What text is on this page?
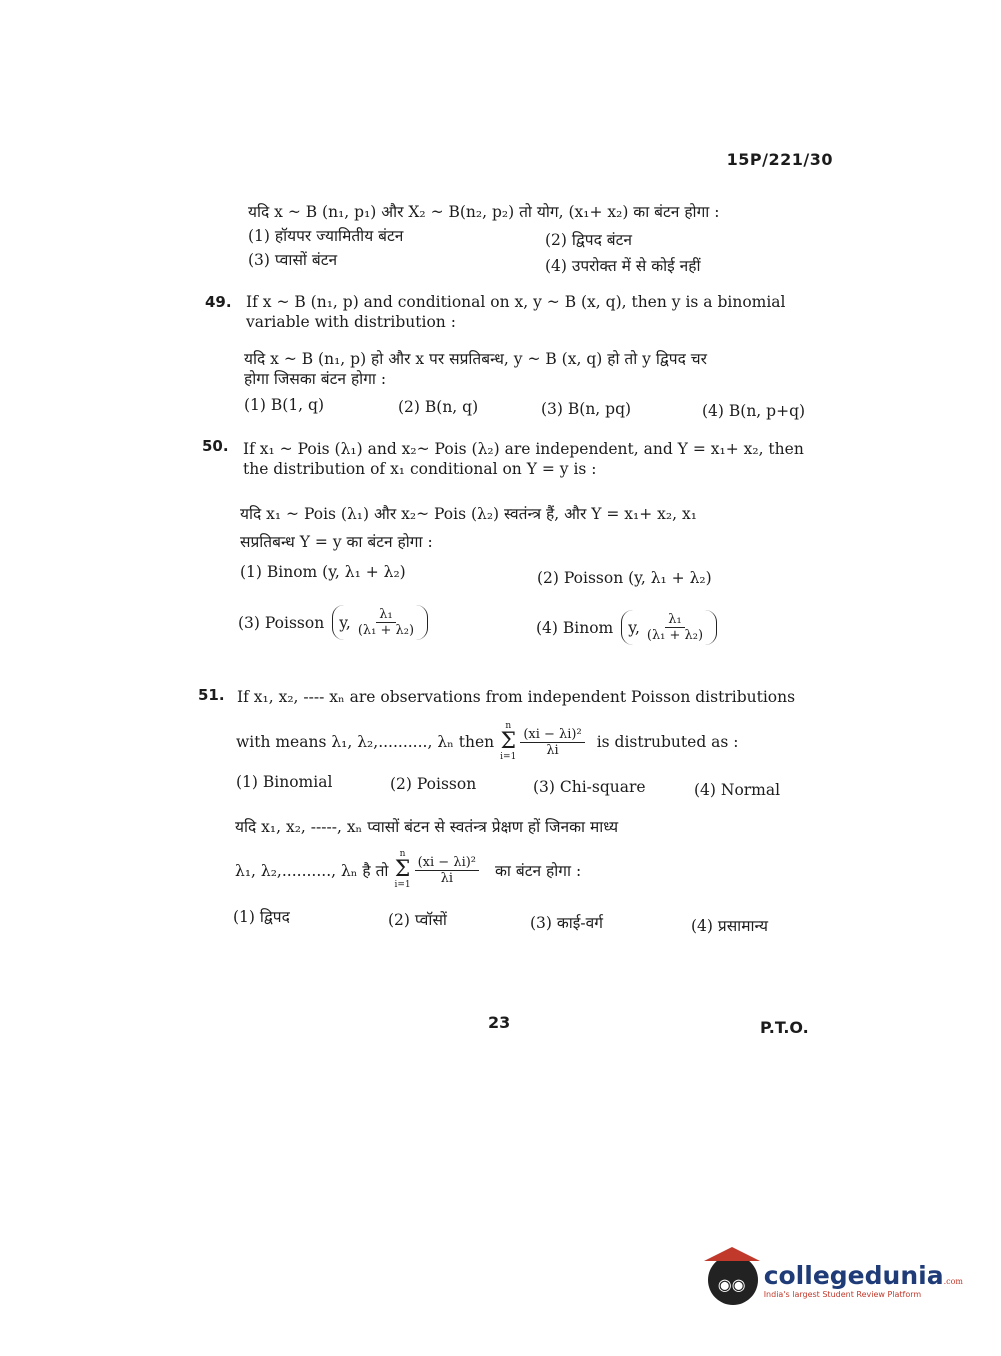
15P/221/30
यदि x ~ B (n₁, p₁) और X₂ ~ B(n₂, p₂) तो योग, (x₁+ x₂) का बंटन होगा :
(1) हॉयपर ज्यामितीय बंटन	(2) द्विपद बंटन
(3) प्वासों बंटन	(4) उपरोक्त में से कोई नहीं
49. If x ~ B (n₁, p) and conditional on x, y ~ B (x, q), then y is a binomial
variable with distribution :
यदि x ~ B (n₁, p) हो और x पर सप्रतिबन्ध, y ~ B (x, q) हो तो y द्विपद चर
होगा जिसका बंटन होगा :
(1) B(1, q)	(2) B(n, q)	(3) B(n, pq)	(4) B(n, p+q)
50. If x₁ ~ Pois (λ₁) and x₂~ Pois (λ₂) are independent, and Y = x₁+ x₂, then
the distribution of x₁ conditional on Y = y is :
यदि x₁ ~ Pois (λ₁) और x₂~ Pois (λ₂) स्वतंन्त्र हैं, और Y = x₁+ x₂, x₁
सप्रतिबन्ध Y = y का बंटन होगा :
(1) Binom (y, λ₁ + λ₂)	(2) Poisson (y, λ₁ + λ₂)
(3) Poisson y, $\frac{\text{λ₁}}{\text{(λ₁ + λ₂)}}$	(4) Binom y, $\frac{\text{λ₁}}{\text{(λ₁ + λ₂)}}$
51. If x₁, x₂, ---- xₙ are observations from independent Poisson distributions
with means λ₁, λ₂,.........., λₙ then
n
Σ
$i=1 \frac{\text{(xi − λi)²}}{\lambda i}$ is distrubuted as :
(1) Binomial	(2) Poisson	(3) Chi-square	(4) Normal
यदि x₁, x₂, -----, xₙ प्वासों बंटन से स्वतंन्त्र प्रेक्षण हों जिनका माध्य
λ₁, λ₂,.........., λₙ है तो
n
Σ
$i=1 \frac{\text{(xi − λi)²}}{\lambda i}$ का बंटन होगा :
(1) द्विपद	(2) प्वॉसों	(3) काई-वर्ग	(4) प्रसामान्य
23	P.T.O.
◉◉ collegedunia.com
India's largest Student Review Platform
